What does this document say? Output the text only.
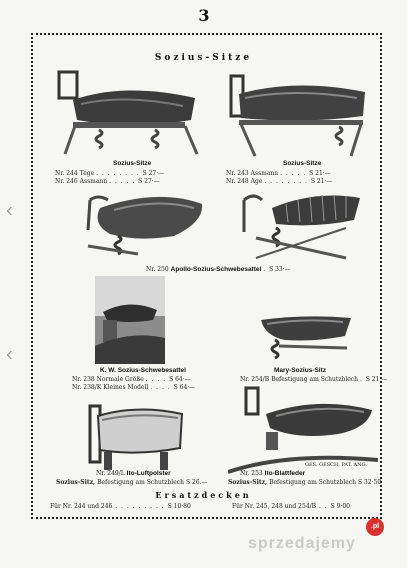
3
Sozius-Sitze
Sozius-Sitze	Sozius-Sitze
Nr. 244 Tege . . . . . . . . S 27·—
Nr. 246 Assmann . . . . . S 27·—
Nr. 243 Assmann . . . . . S 21·—
Nr. 248 Age . . . . . . . . S 21·—
Nr. 250 Apollo-Sozius-Schwebesattel . S 33·—
K. W. Sozius-Schwebesattel	Mary-Sozius-Sitz
Nr. 238 Normale Größe . . . . S 64·—
Nr. 238/K Kleines Modell . . . . S 64·—
Nr. 254/B Befestigung am Schutzblech . S 21·—
GES. GESCH. PAT. ANG.
Nr. 249/L Ito-Luftpolster	Nr. 253 Ito-Blattfeder
Sozius-Sitz, Befestigung am Schutzblech S 26.—	Sozius-Sitz, Befestigung am Schutzblech S 32·50
Ersatzdecken
Für Nr. 244 und 246 . . . . . . . . . S 10·80	Für Nr. 245, 248 und 254/B . . S 9·00
sprzedajemy
.pl
